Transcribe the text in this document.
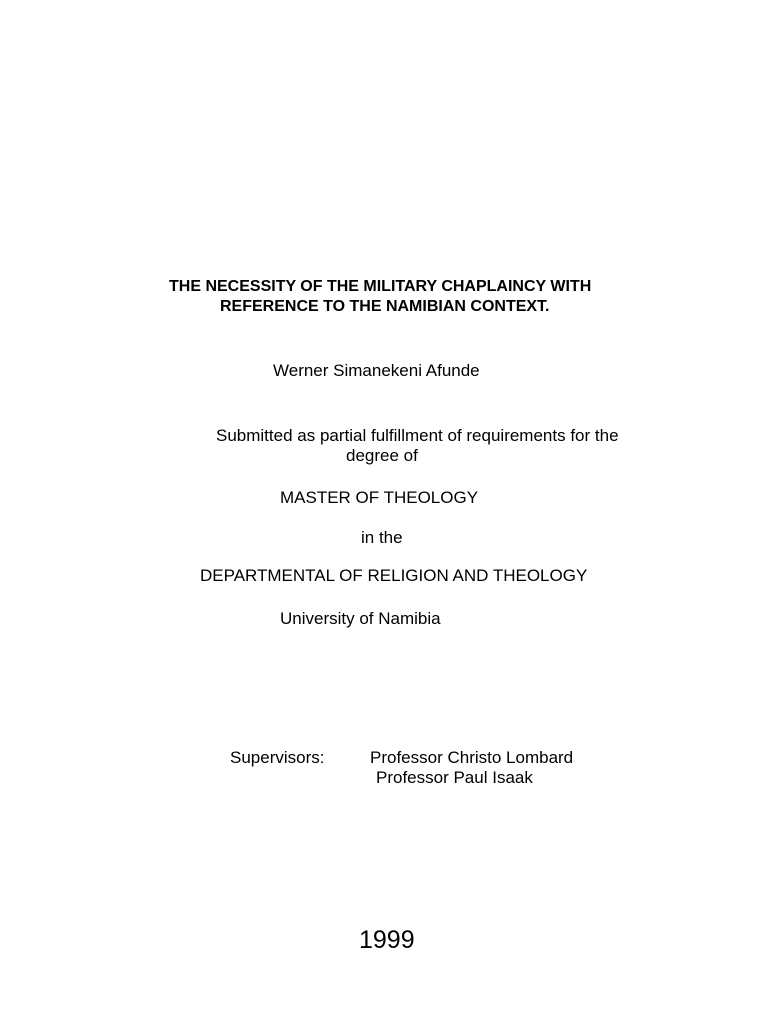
THE NECESSITY OF THE MILITARY CHAPLAINCY WITH
REFERENCE TO THE NAMIBIAN CONTEXT.
Werner Simanekeni Afunde
Submitted as partial fulfillment of requirements for the
degree of
MASTER OF THEOLOGY
in the
DEPARTMENTAL OF RELIGION AND THEOLOGY
University of Namibia
Supervisors:	Professor Christo Lombard
Professor Paul Isaak
1999
